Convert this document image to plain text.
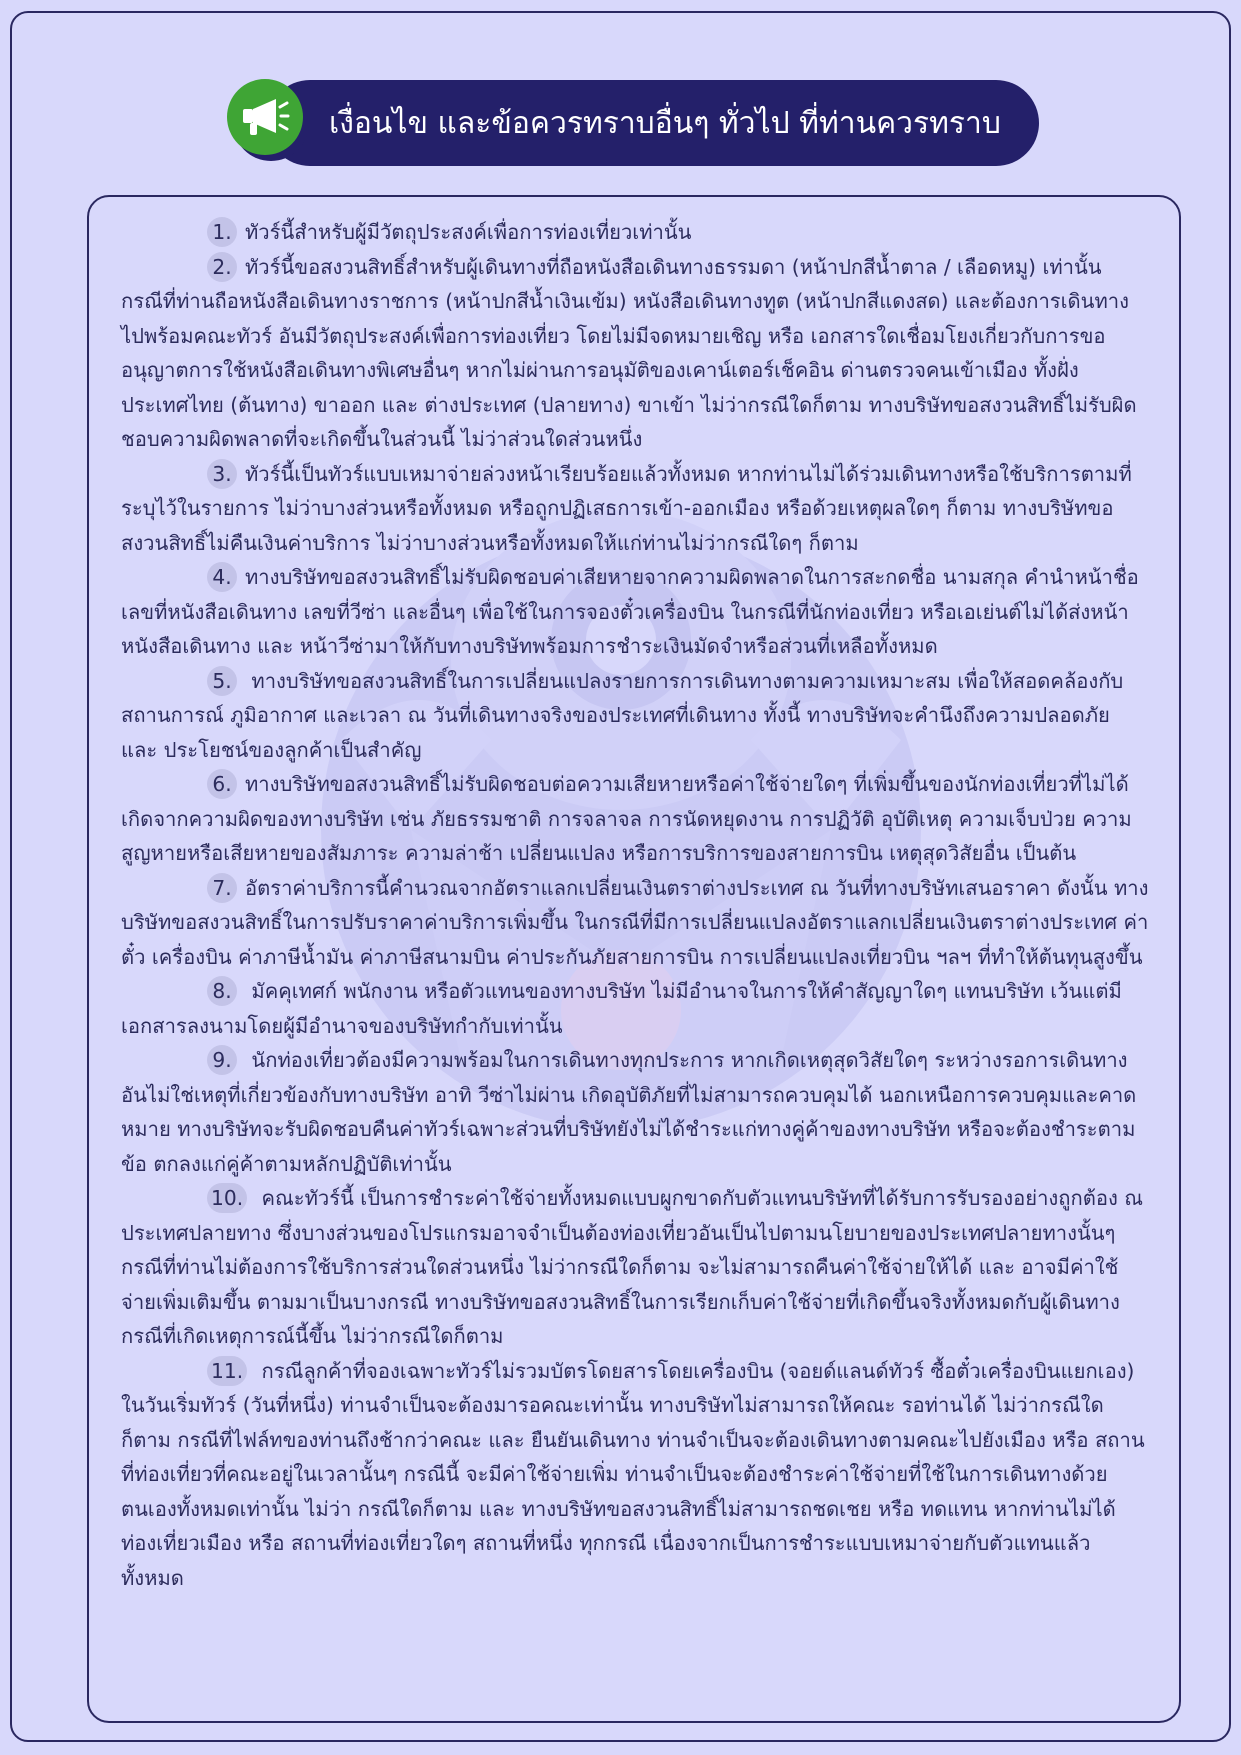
เงื่อนไข และข้อควรทราบอื่นๆ ทั่วไป ที่ท่านควรทราบ

1. ทัวร์นี้สำหรับผู้มีวัตถุประสงค์เพื่อการท่องเที่ยวเท่านั้น

2. ทัวร์นี้ขอสงวนสิทธิ์สำหรับผู้เดินทางที่ถือหนังสือเดินทางธรรมดา (หน้าปกสีน้ำตาล / เลือดหมู) เท่านั้น กรณีที่ท่านถือหนังสือเดินทางราชการ (หน้าปกสีน้ำเงินเข้ม) หนังสือเดินทางทูต (หน้าปกสีแดงสด) และต้องการเดินทางไปพร้อมคณะทัวร์ อันมีวัตถุประสงค์เพื่อการท่องเที่ยว โดยไม่มีจดหมายเชิญ หรือ เอกสารใดเชื่อมโยงเกี่ยวกับการขออนุญาตการใช้หนังสือเดินทางพิเศษอื่นๆ หากไม่ผ่านการอนุมัติของเคาน์เตอร์เช็คอิน ด่านตรวจคนเข้าเมือง ทั้งฝั่งประเทศไทย (ต้นทาง) ขาออก และ ต่างประเทศ (ปลายทาง) ขาเข้า ไม่ว่ากรณีใดก็ตาม ทางบริษัทขอสงวนสิทธิ์ไม่รับผิดชอบความผิดพลาดที่จะเกิดขึ้นในส่วนนี้ ไม่ว่าส่วนใดส่วนหนึ่ง

3. ทัวร์นี้เป็นทัวร์แบบเหมาจ่ายล่วงหน้าเรียบร้อยแล้วทั้งหมด หากท่านไม่ได้ร่วมเดินทางหรือใช้บริการตามที่ระบุไว้ในรายการ ไม่ว่าบางส่วนหรือทั้งหมด หรือถูกปฏิเสธการเข้า-ออกเมือง หรือด้วยเหตุผลใดๆ ก็ตาม ทางบริษัทขอสงวนสิทธิ์ไม่คืนเงินค่าบริการ ไม่ว่าบางส่วนหรือทั้งหมดให้แก่ท่านไม่ว่ากรณีใดๆ ก็ตาม

4. ทางบริษัทขอสงวนสิทธิ์ไม่รับผิดชอบค่าเสียหายจากความผิดพลาดในการสะกดชื่อ นามสกุล คำนำหน้าชื่อ เลขที่หนังสือเดินทาง เลขที่วีซ่า และอื่นๆ เพื่อใช้ในการจองตั๋วเครื่องบิน ในกรณีที่นักท่องเที่ยว หรือเอเย่นต์ไม่ได้ส่งหน้าหนังสือเดินทาง และ หน้าวีซ่ามาให้กับทางบริษัทพร้อมการชำระเงินมัดจำหรือส่วนที่เหลือทั้งหมด

5. ทางบริษัทขอสงวนสิทธิ์ในการเปลี่ยนแปลงรายการการเดินทางตามความเหมาะสม เพื่อให้สอดคล้องกับ สถานการณ์ ภูมิอากาศ และเวลา ณ วันที่เดินทางจริงของประเทศที่เดินทาง ทั้งนี้ ทางบริษัทจะคำนึงถึงความปลอดภัย และ ประโยชน์ของลูกค้าเป็นสำคัญ

6. ทางบริษัทขอสงวนสิทธิ์ไม่รับผิดชอบต่อความเสียหายหรือค่าใช้จ่ายใดๆ ที่เพิ่มขึ้นของนักท่องเที่ยวที่ไม่ได้เกิดจากความผิดของทางบริษัท เช่น ภัยธรรมชาติ การจลาจล การนัดหยุดงาน การปฏิวัติ อุบัติเหตุ ความเจ็บป่วย ความสูญหายหรือเสียหายของสัมภาระ ความล่าช้า เปลี่ยนแปลง หรือการบริการของสายการบิน เหตุสุดวิสัยอื่น เป็นต้น

7. อัตราค่าบริการนี้คำนวณจากอัตราแลกเปลี่ยนเงินตราต่างประเทศ ณ วันที่ทางบริษัทเสนอราคา ดังนั้น ทางบริษัทขอสงวนสิทธิ์ในการปรับราคาค่าบริการเพิ่มขึ้น ในกรณีที่มีการเปลี่ยนแปลงอัตราแลกเปลี่ยนเงินตราต่างประเทศ ค่าตั๋ว เครื่องบิน ค่าภาษีน้ำมัน ค่าภาษีสนามบิน ค่าประกันภัยสายการบิน การเปลี่ยนแปลงเที่ยวบิน ฯลฯ ที่ทำให้ต้นทุนสูงขึ้น

8. มัคคุเทศก์ พนักงาน หรือตัวแทนของทางบริษัท ไม่มีอำนาจในการให้คำสัญญาใดๆ แทนบริษัท เว้นแต่มีเอกสารลงนามโดยผู้มีอำนาจของบริษัทกำกับเท่านั้น

9. นักท่องเที่ยวต้องมีความพร้อมในการเดินทางทุกประการ หากเกิดเหตุสุดวิสัยใดๆ ระหว่างรอการเดินทาง อันไม่ใช่เหตุที่เกี่ยวข้องกับทางบริษัท อาทิ วีซ่าไม่ผ่าน เกิดอุบัติภัยที่ไม่สามารถควบคุมได้ นอกเหนือการควบคุมและคาดหมาย ทางบริษัทจะรับผิดชอบคืนค่าทัวร์เฉพาะส่วนที่บริษัทยังไม่ได้ชำระแก่ทางคู่ค้าของทางบริษัท หรือจะต้องชำระตามข้อ ตกลงแก่คู่ค้าตามหลักปฏิบัติเท่านั้น

10. คณะทัวร์นี้ เป็นการชำระค่าใช้จ่ายทั้งหมดแบบผูกขาดกับตัวแทนบริษัทที่ได้รับการรับรองอย่างถูกต้อง ณ ประเทศปลายทาง ซึ่งบางส่วนของโปรแกรมอาจจำเป็นต้องท่องเที่ยวอันเป็นไปตามนโยบายของประเทศปลายทางนั้นๆ กรณีที่ท่านไม่ต้องการใช้บริการส่วนใดส่วนหนึ่ง ไม่ว่ากรณีใดก็ตาม จะไม่สามารถคืนค่าใช้จ่ายให้ได้ และ อาจมีค่าใช้จ่ายเพิ่มเติมขึ้น ตามมาเป็นบางกรณี ทางบริษัทขอสงวนสิทธิ์ในการเรียกเก็บค่าใช้จ่ายที่เกิดขึ้นจริงทั้งหมดกับผู้เดินทาง กรณีที่เกิดเหตุการณ์นี้ขึ้น ไม่ว่ากรณีใดก็ตาม

11. กรณีลูกค้าที่จองเฉพาะทัวร์ไม่รวมบัตรโดยสารโดยเครื่องบิน (จอยด์แลนด์ทัวร์ ซื้อตั๋วเครื่องบินแยกเอง) ในวันเริ่มทัวร์ (วันที่หนึ่ง) ท่านจำเป็นจะต้องมารอคณะเท่านั้น ทางบริษัทไม่สามารถให้คณะ รอท่านได้ ไม่ว่ากรณีใดก็ตาม กรณีที่ไฟล์ทของท่านถึงช้ากว่าคณะ และ ยืนยันเดินทาง ท่านจำเป็นจะต้องเดินทางตามคณะไปยังเมือง หรือ สถานที่ท่องเที่ยวที่คณะอยู่ในเวลานั้นๆ กรณีนี้ จะมีค่าใช้จ่ายเพิ่ม ท่านจำเป็นจะต้องชำระค่าใช้จ่ายที่ใช้ในการเดินทางด้วยตนเองทั้งหมดเท่านั้น ไม่ว่า กรณีใดก็ตาม และ ทางบริษัทขอสงวนสิทธิ์ไม่สามารถชดเชย หรือ ทดแทน หากท่านไม่ได้ท่องเที่ยวเมือง หรือ สถานที่ท่องเที่ยวใดๆ สถานที่หนึ่ง ทุกกรณี เนื่องจากเป็นการชำระแบบเหมาจ่ายกับตัวแทนแล้วทั้งหมด
